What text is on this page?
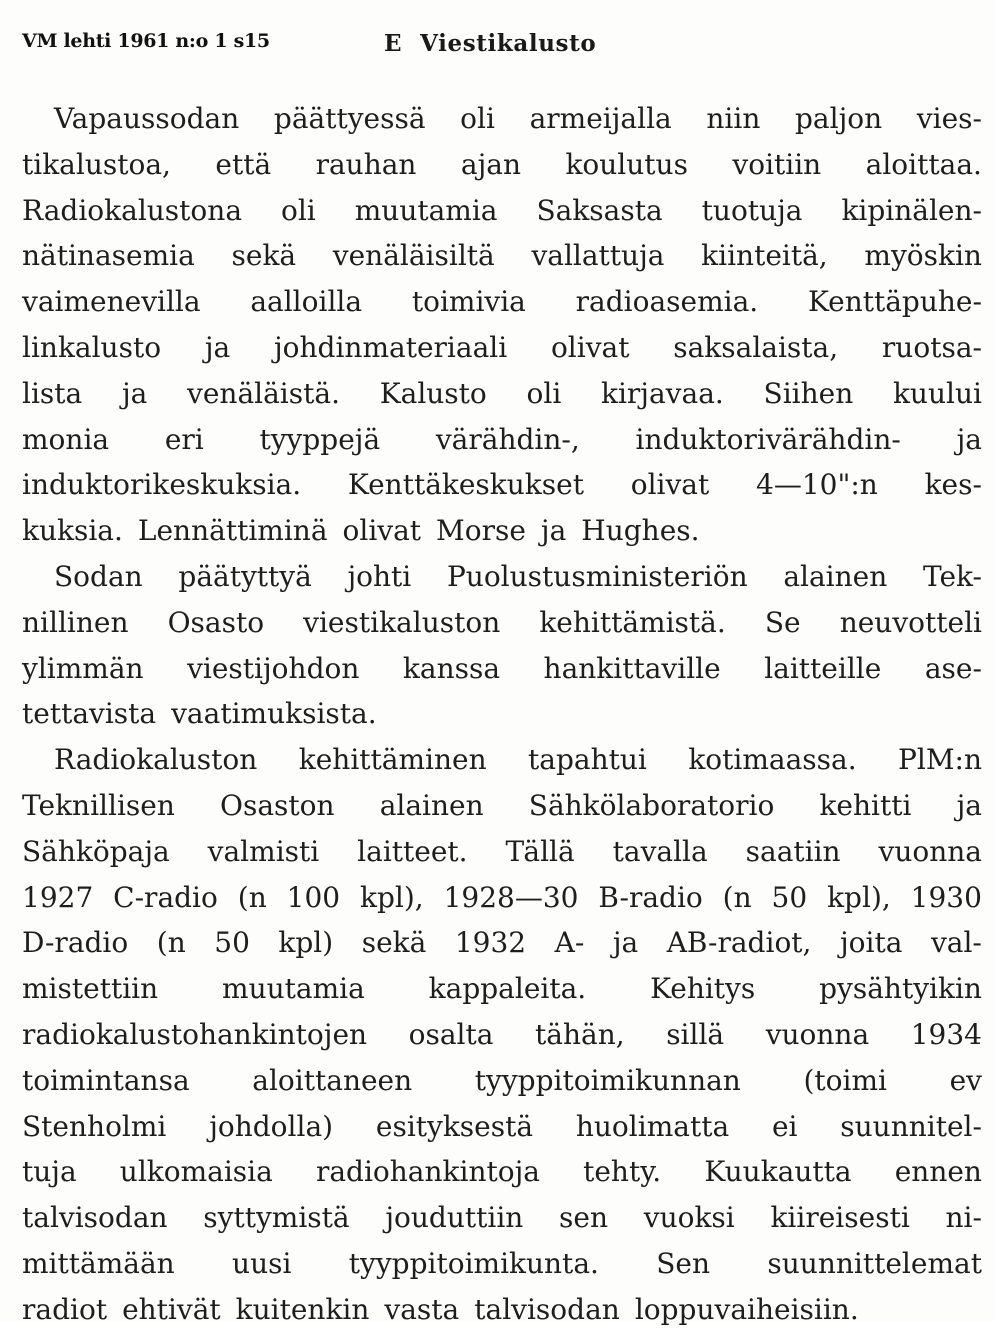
VM lehti 1961 n:o 1 s15	E Viestikalusto
Vapaussodan päättyessä oli armeijalla niin paljon vies-
tikalustoa, että rauhan ajan koulutus voitiin aloittaa.
Radiokalustona oli muutamia Saksasta tuotuja kipinälen-
nätinasemia sekä venäläisiltä vallattuja kiinteitä, myöskin
vaimenevilla aalloilla toimivia radioasemia. Kenttäpuhe-
linkalusto ja johdinmateriaali olivat saksalaista, ruotsa-
lista ja venäläistä. Kalusto oli kirjavaa. Siihen kuului
monia eri tyyppejä värähdin-, induktorivärähdin- ja
induktorikeskuksia. Kenttäkeskukset olivat 4—10":n kes-
kuksia. Lennättiminä olivat Morse ja Hughes.
Sodan päätyttyä johti Puolustusministeriön alainen Tek-
nillinen Osasto viestikaluston kehittämistä. Se neuvotteli
ylimmän viestijohdon kanssa hankittaville laitteille ase-
tettavista vaatimuksista.
Radiokaluston kehittäminen tapahtui kotimaassa. PlM:n
Teknillisen Osaston alainen Sähkölaboratorio kehitti ja
Sähköpaja valmisti laitteet. Tällä tavalla saatiin vuonna
1927 C-radio (n 100 kpl), 1928—30 B-radio (n 50 kpl), 1930
D-radio (n 50 kpl) sekä 1932 A- ja AB-radiot, joita val-
mistettiin muutamia kappaleita. Kehitys pysähtyikin
radiokalustohankintojen osalta tähän, sillä vuonna 1934
toimintansa aloittaneen tyyppitoimikunnan (toimi ev
Stenholmi johdolla) esityksestä huolimatta ei suunnitel-
tuja ulkomaisia radiohankintoja tehty. Kuukautta ennen
talvisodan syttymistä jouduttiin sen vuoksi kiireisesti ni-
mittämään uusi tyyppitoimikunta. Sen suunnittelemat
radiot ehtivät kuitenkin vasta talvisodan loppuvaiheisiin.
